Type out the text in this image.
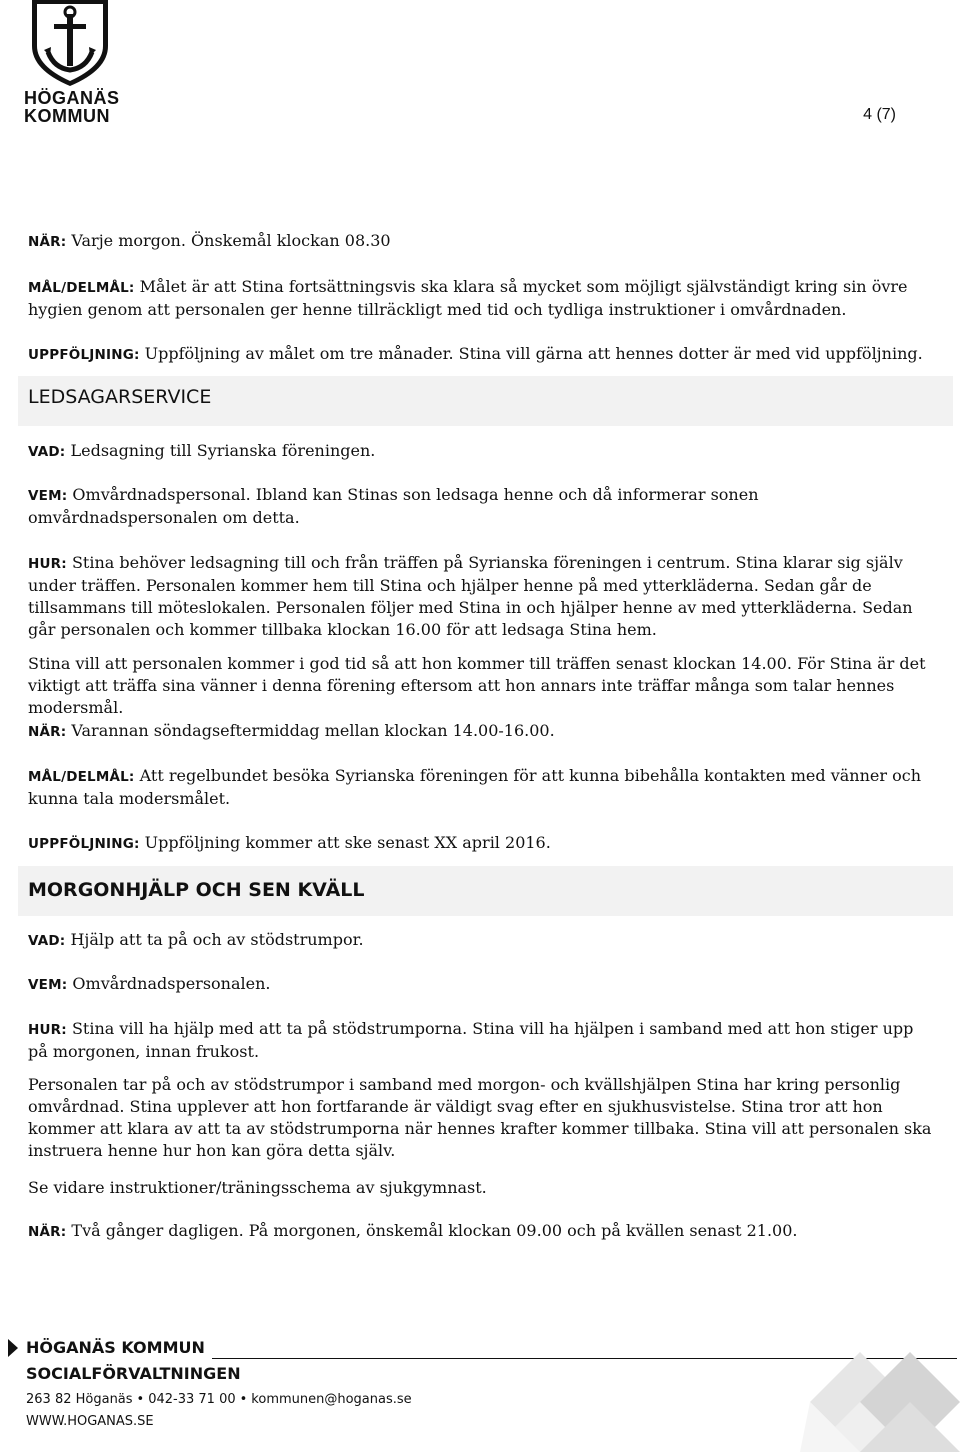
HÖGANÄS
KOMMUN	4 (7)

NÄR: Varje morgon. Önskemål klockan 08.30

MÅL/DELMÅL: Målet är att Stina fortsättningsvis ska klara så mycket som möjligt självständigt kring sin övre hygien genom att personalen ger henne tillräckligt med tid och tydliga instruktioner i omvårdnaden.

UPPFÖLJNING: Uppföljning av målet om tre månader. Stina vill gärna att hennes dotter är med vid uppföljning.

LEDSAGARSERVICE

VAD: Ledsagning till Syrianska föreningen.

VEM: Omvårdnadspersonal. Ibland kan Stinas son ledsaga henne och då informerar sonen omvårdnadspersonalen om detta.

HUR: Stina behöver ledsagning till och från träffen på Syrianska föreningen i centrum. Stina klarar sig själv under träffen. Personalen kommer hem till Stina och hjälper henne på med ytterkläderna. Sedan går de tillsammans till möteslokalen. Personalen följer med Stina in och hjälper henne av med ytterkläderna. Sedan går personalen och kommer tillbaka klockan 16.00 för att ledsaga Stina hem.

Stina vill att personalen kommer i god tid så att hon kommer till träffen senast klockan 14.00. För Stina är det viktigt att träffa sina vänner i denna förening eftersom att hon annars inte träffar många som talar hennes modersmål.

NÄR: Varannan söndagseftermiddag mellan klockan 14.00-16.00.

MÅL/DELMÅL: Att regelbundet besöka Syrianska föreningen för att kunna bibehålla kontakten med vänner och kunna tala modersmålet.

UPPFÖLJNING: Uppföljning kommer att ske senast XX april 2016.

MORGONHJÄLP OCH SEN KVÄLL

VAD: Hjälp att ta på och av stödstrumpor.

VEM: Omvårdnadspersonalen.

HUR: Stina vill ha hjälp med att ta på stödstrumporna. Stina vill ha hjälpen i samband med att hon stiger upp på morgonen, innan frukost.

Personalen tar på och av stödstrumpor i samband med morgon- och kvällshjälpen Stina har kring personlig omvårdnad. Stina upplever att hon fortfarande är väldigt svag efter en sjukhusvistelse. Stina tror att hon kommer att klara av att ta av stödstrumporna när hennes krafter kommer tillbaka. Stina vill att personalen ska instruera henne hur hon kan göra detta själv.

Se vidare instruktioner/träningsschema av sjukgymnast.

NÄR: Två gånger dagligen. På morgonen, önskemål klockan 09.00 och på kvällen senast 21.00.

HÖGANÄS KOMMUN
SOCIALFÖRVALTNINGEN
263 82 Höganäs • 042-33 71 00 • kommunen@hoganas.se
WWW.HOGANAS.SE
